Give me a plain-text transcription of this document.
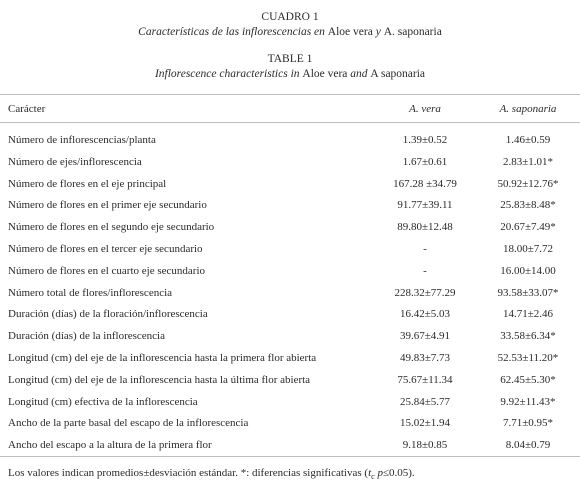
CUADRO 1
Características de las inflorescencias en Aloe vera y A. saponaria
TABLE 1
Inflorescence characteristics in Aloe vera and A saponaria
Carácter	A. vera	A. saponaria
Número de inflorescencias/planta	1.39±0.52	1.46±0.59
Número de ejes/inflorescencia	1.67±0.61	2.83±1.01*
Número de flores en el eje principal	167.28 ±34.79	50.92±12.76*
Número de flores en el primer eje secundario	91.77±39.11	25.83±8.48*
Número de flores en el segundo eje secundario	89.80±12.48	20.67±7.49*
Número de flores en el tercer eje secundario	-	18.00±7.72
Número de flores en el cuarto eje secundario	-	16.00±14.00
Número total de flores/inflorescencia	228.32±77.29	93.58±33.07*
Duración (días) de la floración/inflorescencia	16.42±5.03	14.71±2.46
Duración (días) de la inflorescencia	39.67±4.91	33.58±6.34*
Longitud (cm) del eje de la inflorescencia hasta la primera flor abierta	49.83±7.73	52.53±11.20*
Longitud (cm) del eje de la inflorescencia hasta la última flor abierta	75.67±11.34	62.45±5.30*
Longitud (cm) efectiva de la inflorescencia	25.84±5.77	9.92±11.43*
Ancho de la parte basal del escapo de la inflorescencia	15.02±1.94	7.71±0.95*
Ancho del escapo a la altura de la primera flor	9.18±0.85	8.04±0.79
Los valores indican promedios±desviación estándar. *: diferencias significativas ($t_c$ p≤0.05).
